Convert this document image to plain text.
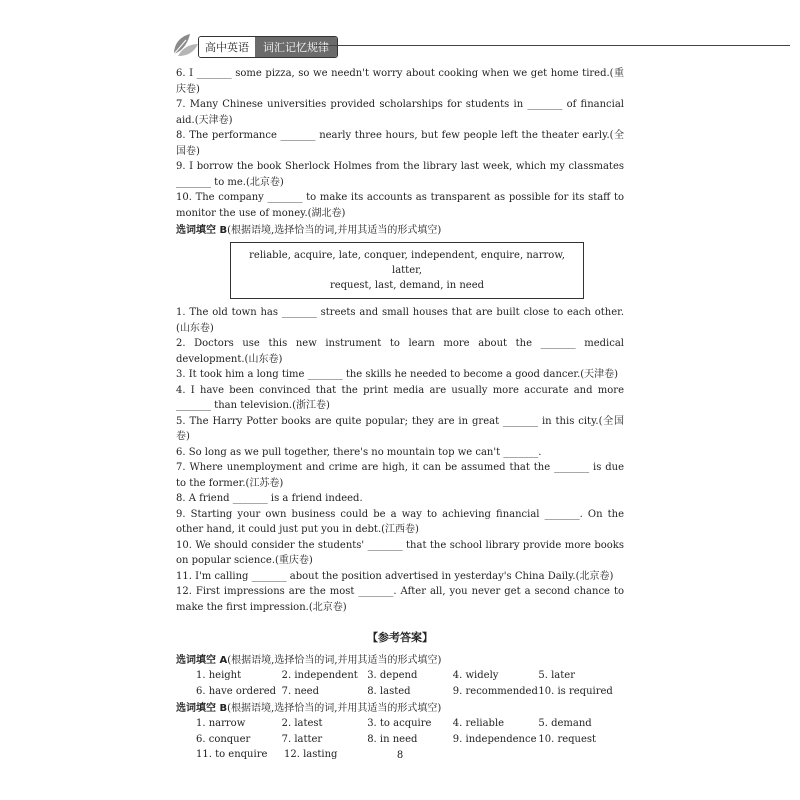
高中英语	词汇记忆规律

6. I _______ some pizza, so we needn't worry about cooking when we get home tired.(重庆卷)

7. Many Chinese universities provided scholarships for students in _______ of financial aid.(天津卷)

8. The performance _______ nearly three hours, but few people left the theater early.(全国卷)

9. I borrow the book Sherlock Holmes from the library last week, which my classmates _______ to me.(北京卷)

10. The company _______ to make its accounts as transparent as possible for its staff to monitor the use of money.(湖北卷)

选词填空 B(根据语境,选择恰当的词,并用其适当的形式填空)
reliable, acquire, late, conquer, independent, enquire, narrow, latter,
request, last, demand, in need

1. The old town has _______ streets and small houses that are built close to each other.(山东卷)

2. Doctors use this new instrument to learn more about the _______ medical development.(山东卷)

3. It took him a long time _______ the skills he needed to become a good dancer.(天津卷)

4. I have been convinced that the print media are usually more accurate and more _______ than television.(浙江卷)

5. The Harry Potter books are quite popular; they are in great _______ in this city.(全国卷)

6. So long as we pull together, there's no mountain top we can't _______.

7. Where unemployment and crime are high, it can be assumed that the _______ is due to the former.(江苏卷)

8. A friend _______ is a friend indeed.

9. Starting your own business could be a way to achieving financial _______. On the other hand, it could just put you in debt.(江西卷)

10. We should consider the students' _______ that the school library provide more books on popular science.(重庆卷)

11. I'm calling _______ about the position advertised in yesterday's China Daily.(北京卷)

12. First impressions are the most _______. After all, you never get a second chance to make the first impression.(北京卷)

【参考答案】
选词填空 A(根据语境,选择恰当的词,并用其适当的形式填空)
1. height	2. independent 3. depend	4. widely	5. later
6. have ordered 7. need	8. lasted	9. recommended 10. is required
选词填空 B(根据语境,选择恰当的词,并用其适当的形式填空)
1. narrow	2. latest	3. to acquire	4. reliable	5. demand
6. conquer	7. latter	8. in need	9. independence 10. request
11. to enquire	12. lasting	8
